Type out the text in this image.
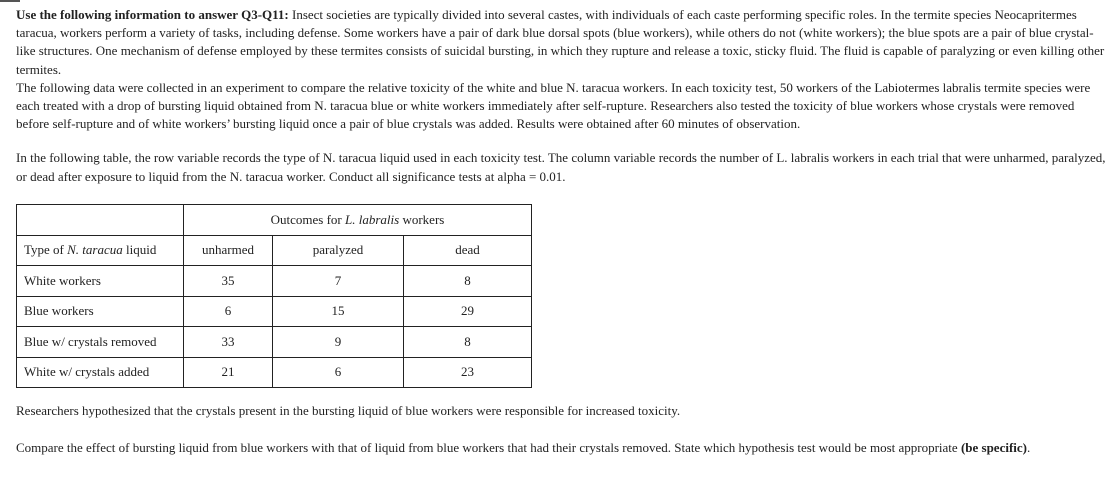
Use the following information to answer Q3-Q11: Insect societies are typically divided into several castes, with individuals of each caste performing specific roles. In the termite species Neocapritermes taracua, workers perform a variety of tasks, including defense. Some workers have a pair of dark blue dorsal spots (blue workers), while others do not (white workers); the blue spots are a pair of blue crystal-like structures. One mechanism of defense employed by these termites consists of suicidal bursting, in which they rupture and release a toxic, sticky fluid. The fluid is capable of paralyzing or even killing other termites.

The following data were collected in an experiment to compare the relative toxicity of the white and blue N. taracua workers. In each toxicity test, 50 workers of the Labiotermes labralis termite species were each treated with a drop of bursting liquid obtained from N. taracua blue or white workers immediately after self-rupture. Researchers also tested the toxicity of blue workers whose crystals were removed before self-rupture and of white workers’ bursting liquid once a pair of blue crystals was added. Results were obtained after 60 minutes of observation.

In the following table, the row variable records the type of N. taracua liquid used in each toxicity test. The column variable records the number of L. labralis workers in each trial that were unharmed, paralyzed, or dead after exposure to liquid from the N. taracua worker. Conduct all significance tests at alpha = 0.01.

	Outcomes for L. labralis workers		
Type of N. taracua liquid	unharmed	paralyzed	dead
White workers	35	7	8
Blue workers	6	15	29
Blue w/ crystals removed	33	9	8
White w/ crystals added	21	6	23

Researchers hypothesized that the crystals present in the bursting liquid of blue workers were responsible for increased toxicity.

Compare the effect of bursting liquid from blue workers with that of liquid from blue workers that had their crystals removed. State which hypothesis test would be most appropriate (be specific).
